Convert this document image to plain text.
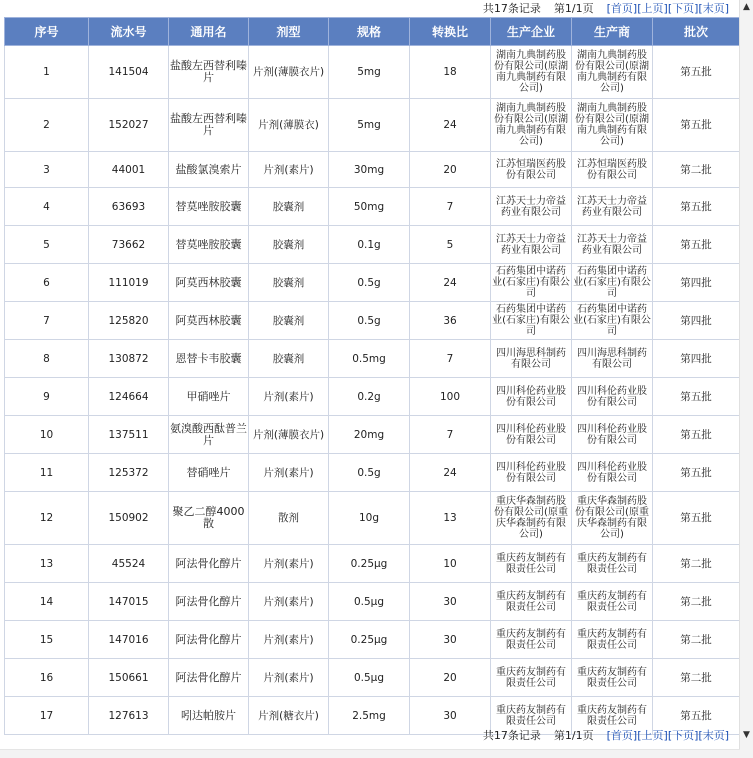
共17条记录 第1/1页 [首页][上页][下页][末页]
序号	流水号	通用名	剂型	规格	转换比	生产企业	生产商	批次
1	141504	盐酸左西替利嗪片	片剂(薄膜衣片)	5mg	18	湖南九典制药股份有限公司(原湖南九典制药有限公司)	湖南九典制药股份有限公司(原湖南九典制药有限公司)	第五批
2	152027	盐酸左西替利嗪片	片剂(薄膜衣)	5mg	24	湖南九典制药股份有限公司(原湖南九典制药有限公司)	湖南九典制药股份有限公司(原湖南九典制药有限公司)	第五批
3	44001	盐酸氯溴索片	片剂(素片)	30mg	20	江苏恒瑞医药股份有限公司	江苏恒瑞医药股份有限公司	第二批
4	63693	替莫唑胺胶囊	胶囊剂	50mg	7	江苏天士力帝益药业有限公司	江苏天士力帝益药业有限公司	第五批
5	73662	替莫唑胺胶囊	胶囊剂	0.1g	5	江苏天士力帝益药业有限公司	江苏天士力帝益药业有限公司	第五批
6	111019	阿莫西林胶囊	胶囊剂	0.5g	24	石药集团中诺药业(石家庄)有限公司	石药集团中诺药业(石家庄)有限公司	第四批
7	125820	阿莫西林胶囊	胶囊剂	0.5g	36	石药集团中诺药业(石家庄)有限公司	石药集团中诺药业(石家庄)有限公司	第四批
8	130872	恩替卡韦胶囊	胶囊剂	0.5mg	7	四川海思科制药有限公司	四川海思科制药有限公司	第四批
9	124664	甲硝唑片	片剂(素片)	0.2g	100	四川科伦药业股份有限公司	四川科伦药业股份有限公司	第五批
10	137511	氨溴酸西酞普兰片	片剂(薄膜衣片)	20mg	7	四川科伦药业股份有限公司	四川科伦药业股份有限公司	第五批
11	125372	替硝唑片	片剂(素片)	0.5g	24	四川科伦药业股份有限公司	四川科伦药业股份有限公司	第五批
12	150902	聚乙二醇4000散	散剂	10g	13	重庆华森制药股份有限公司(原重庆华森制药有限公司)	重庆华森制药股份有限公司(原重庆华森制药有限公司)	第五批
13	45524	阿法骨化醇片	片剂(素片)	0.25μg	10	重庆药友制药有限责任公司	重庆药友制药有限责任公司	第二批
14	147015	阿法骨化醇片	片剂(素片)	0.5μg	30	重庆药友制药有限责任公司	重庆药友制药有限责任公司	第二批
15	147016	阿法骨化醇片	片剂(素片)	0.25μg	30	重庆药友制药有限责任公司	重庆药友制药有限责任公司	第二批
16	150661	阿法骨化醇片	片剂(素片)	0.5μg	20	重庆药友制药有限责任公司	重庆药友制药有限责任公司	第二批
17	127613	吲达帕胺片	片剂(糖衣片)	2.5mg	30	重庆药友制药有限责任公司	重庆药友制药有限责任公司	第五批
共17条记录 第1/1页 [首页][上页][下页][末页]
▲
▼
